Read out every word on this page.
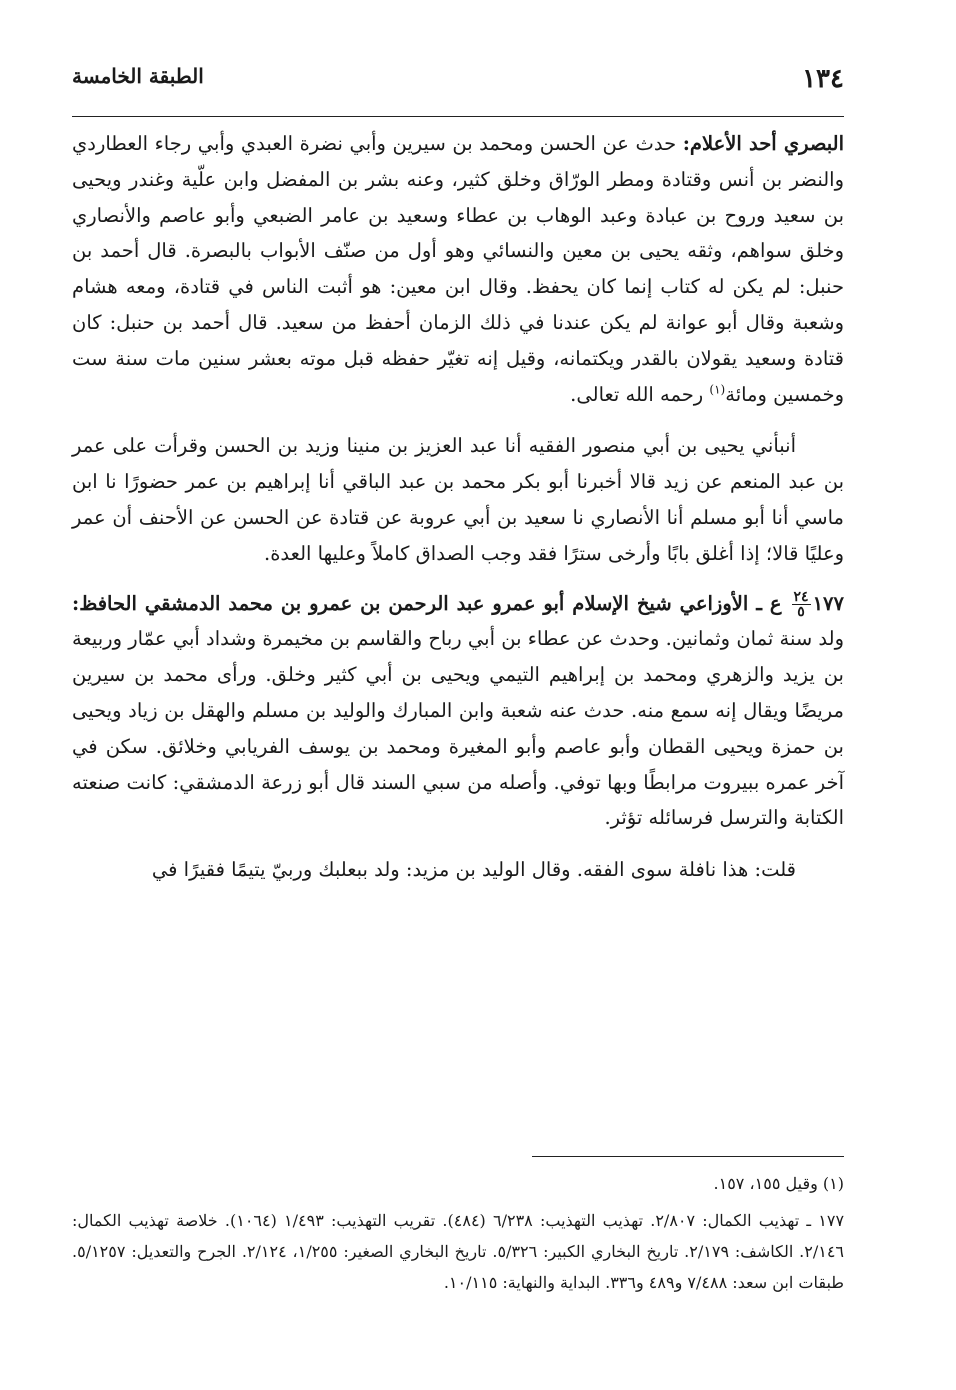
١٣٤
الطبقة الخامسة

البصري أحد الأعلام: حدث عن الحسن ومحمد بن سيرين وأبي نضرة العبدي وأبي رجاء العطاردي والنضر بن أنس وقتادة ومطر الورّاق وخلق كثير، وعنه بشر بن المفضل وابن علّية وغندر ويحيى بن سعيد وروح بن عبادة وعبد الوهاب بن عطاء وسعيد بن عامر الضبعي وأبو عاصم والأنصاري وخلق سواهم، وثقه يحيى بن معين والنسائي وهو أول من صنّف الأبواب بالبصرة. قال أحمد بن حنبل: لم يكن له كتاب إنما كان يحفظ. وقال ابن معين: هو أثبت الناس في قتادة، ومعه هشام وشعبة وقال أبو عوانة لم يكن عندنا في ذلك الزمان أحفظ من سعيد. قال أحمد بن حنبل: كان قتادة وسعيد يقولان بالقدر ويكتمانه، وقيل إنه تغيّر حفظه قبل موته بعشر سنين مات سنة ست وخمسين ومائة$^{(١)}$ رحمه الله تعالى.

أنبأني يحيى بن أبي منصور الفقيه أنا عبد العزيز بن منينا وزيد بن الحسن وقرأت على عمر بن عبد المنعم عن زيد قالا أخبرنا أبو بكر محمد بن عبد الباقي أنا إبراهيم بن عمر حضورًا نا ابن ماسي أنا أبو مسلم أنا الأنصاري نا سعيد بن أبي عروبة عن قتادة عن الحسن عن الأحنف أن عمر وعليًا قالا؛ إذا أغلق بابًا وأرخى سترًا فقد وجب الصداق كاملاً وعليها العدة.

١٧٧
$\frac{٢٤}{٥}$
ع ـ الأوزاعي شيخ الإسلام أبو عمرو عبد الرحمن بن عمرو بن محمد الدمشقي الحافظ: ولد سنة ثمان وثمانين. وحدث عن عطاء بن أبي رباح والقاسم بن مخيمرة وشداد أبي عمّار وربيعة بن يزيد والزهري ومحمد بن إبراهيم التيمي ويحيى بن أبي كثير وخلق. ورأى محمد بن سيرين مريضًا ويقال إنه سمع منه. حدث عنه شعبة وابن المبارك والوليد بن مسلم والهقل بن زياد ويحيى بن حمزة ويحيى القطان وأبو عاصم وأبو المغيرة ومحمد بن يوسف الفريابي وخلائق. سكن في آخر عمره ببيروت مرابطًا وبها توفي. وأصله من سبي السند قال أبو زرعة الدمشقي: كانت صنعته الكتابة والترسل فرسائله تؤثر.

قلت: هذا نافلة سوى الفقه. وقال الوليد بن مزيد: ولد ببعلبك وربيّ يتيمًا فقيرًا في

(١) وقيل ١٥٥، ١٥٧.

١٧٧ ـ تهذيب الكمال: ٢/٨٠٧. تهذيب التهذيب: ٦/٢٣٨ (٤٨٤). تقريب التهذيب: ١/٤٩٣ (١٠٦٤). خلاصة تهذيب الكمال: ٢/١٤٦. الكاشف: ٢/١٧٩. تاريخ البخاري الكبير: ٥/٣٢٦. تاريخ البخاري الصغير: ١/٢٥٥، ٢/١٢٤. الجرح والتعديل: ٥/١٢٥٧. طبقات ابن سعد: ٧/٤٨٨ و٤٨٩ و٣٣٦. البداية والنهاية: ١٠/١١٥.
